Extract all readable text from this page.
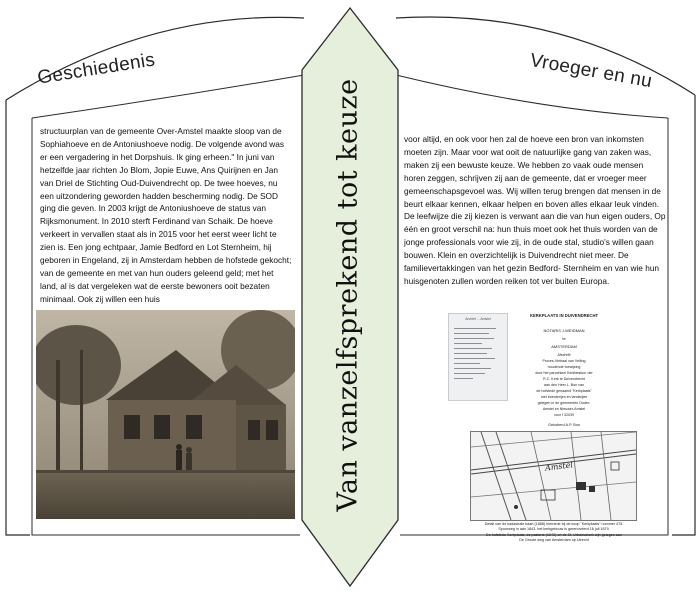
Geschiedenis	Vroeger en nu
Van vanzelfsprekend tot keuze

structuurplan van de gemeente Over-Amstel maakte sloop van de Sophiahoeve en de Antoniushoeve nodig. De volgende avond was er een vergadering in het Dorpshuis. Ik ging erheen." In juni van hetzelfde jaar richten Jo Blom, Jopie Euwe, Ans Quirijnen en Jan van Driel de Stichting Oud-Duivendrecht op. De twee hoeves, nu een uitzondering geworden hadden bescherming nodig. De SOD ging die geven. In 2003 krijgt de Antoniushoeve de status van Rijksmonument. In 2010 sterft Ferdinand van Schaik. De hoeve verkeert in vervallen staat als in 2015 voor het eerst weer licht te zien is. Een jong echtpaar, Jamie Bedford en Lot Sternheim, hij geboren in Engeland, zij in Amsterdam hebben de hofstede gekocht; van de gemeente en met van hun ouders geleend geld; met het land, al is dat vergeleken wat de eerste bewoners ooit bezaten minimaal. Ook zij willen een huis

voor altijd, en ook voor hen zal de hoeve een bron van inkomsten moeten zijn. Maar voor wat ooit de natuurlijke gang van zaken was, maken zij een bewuste keuze. We hebben zo vaak oude mensen horen zeggen, schrijven zij aan de gemeente, dat er vroeger meer gemeenschapsgevoel was. Wij willen terug brengen dat mensen in de beurt elkaar kennen, elkaar helpen en boven alles elkaar leuk vinden. De leefwijze die zij kiezen is verwant aan die van hun eigen ouders, Op één en groot verschil na: hun thuis moet ook het thuis worden van de jonge professionals voor wie zij, in de oude stal, studio's willen gaan bouwen. Klein en overzichtelijk is Duivendrecht niet meer. De familievertakkingen van het gezin Bedford- Sternheim en van wie hun huisgenoten zullen worden reiken tot ver buiten Europa.

Archief ... Amstel
KERKPLAATS IN DUIVENDRECHT
NOTARIS J.WEIDMAN
te
AMSTERDAM
Afschrift
Proces-Verbaal van Veiling
houdende toewijzing
door het parochieel Kerkbestuur der
R.C. Kerk te Duivendrecht
aan den Heer L. Bon van
de hofstede genaamd "Kerkplaats"
met boerderijen en landerijen
gelegen in de gemeenten Ouder-
Amstel en Nieuwer-Amstel
voor f 32039
Gekoberd A.P. Bon
Amstel
Detail van de kadastrale kaart (1888) hiernede bij de koop "Kerkplaats" nummer 475.
Spoorweg in aan 1843, het kerkgebouw is gerenoveerd 16 juli 1879.
De hofstede Kerkplaats, de pastorie (1843) en de St. Urbanuskerk zijn gelegen aan
De Groote weg van Amsterdam op Utrecht
